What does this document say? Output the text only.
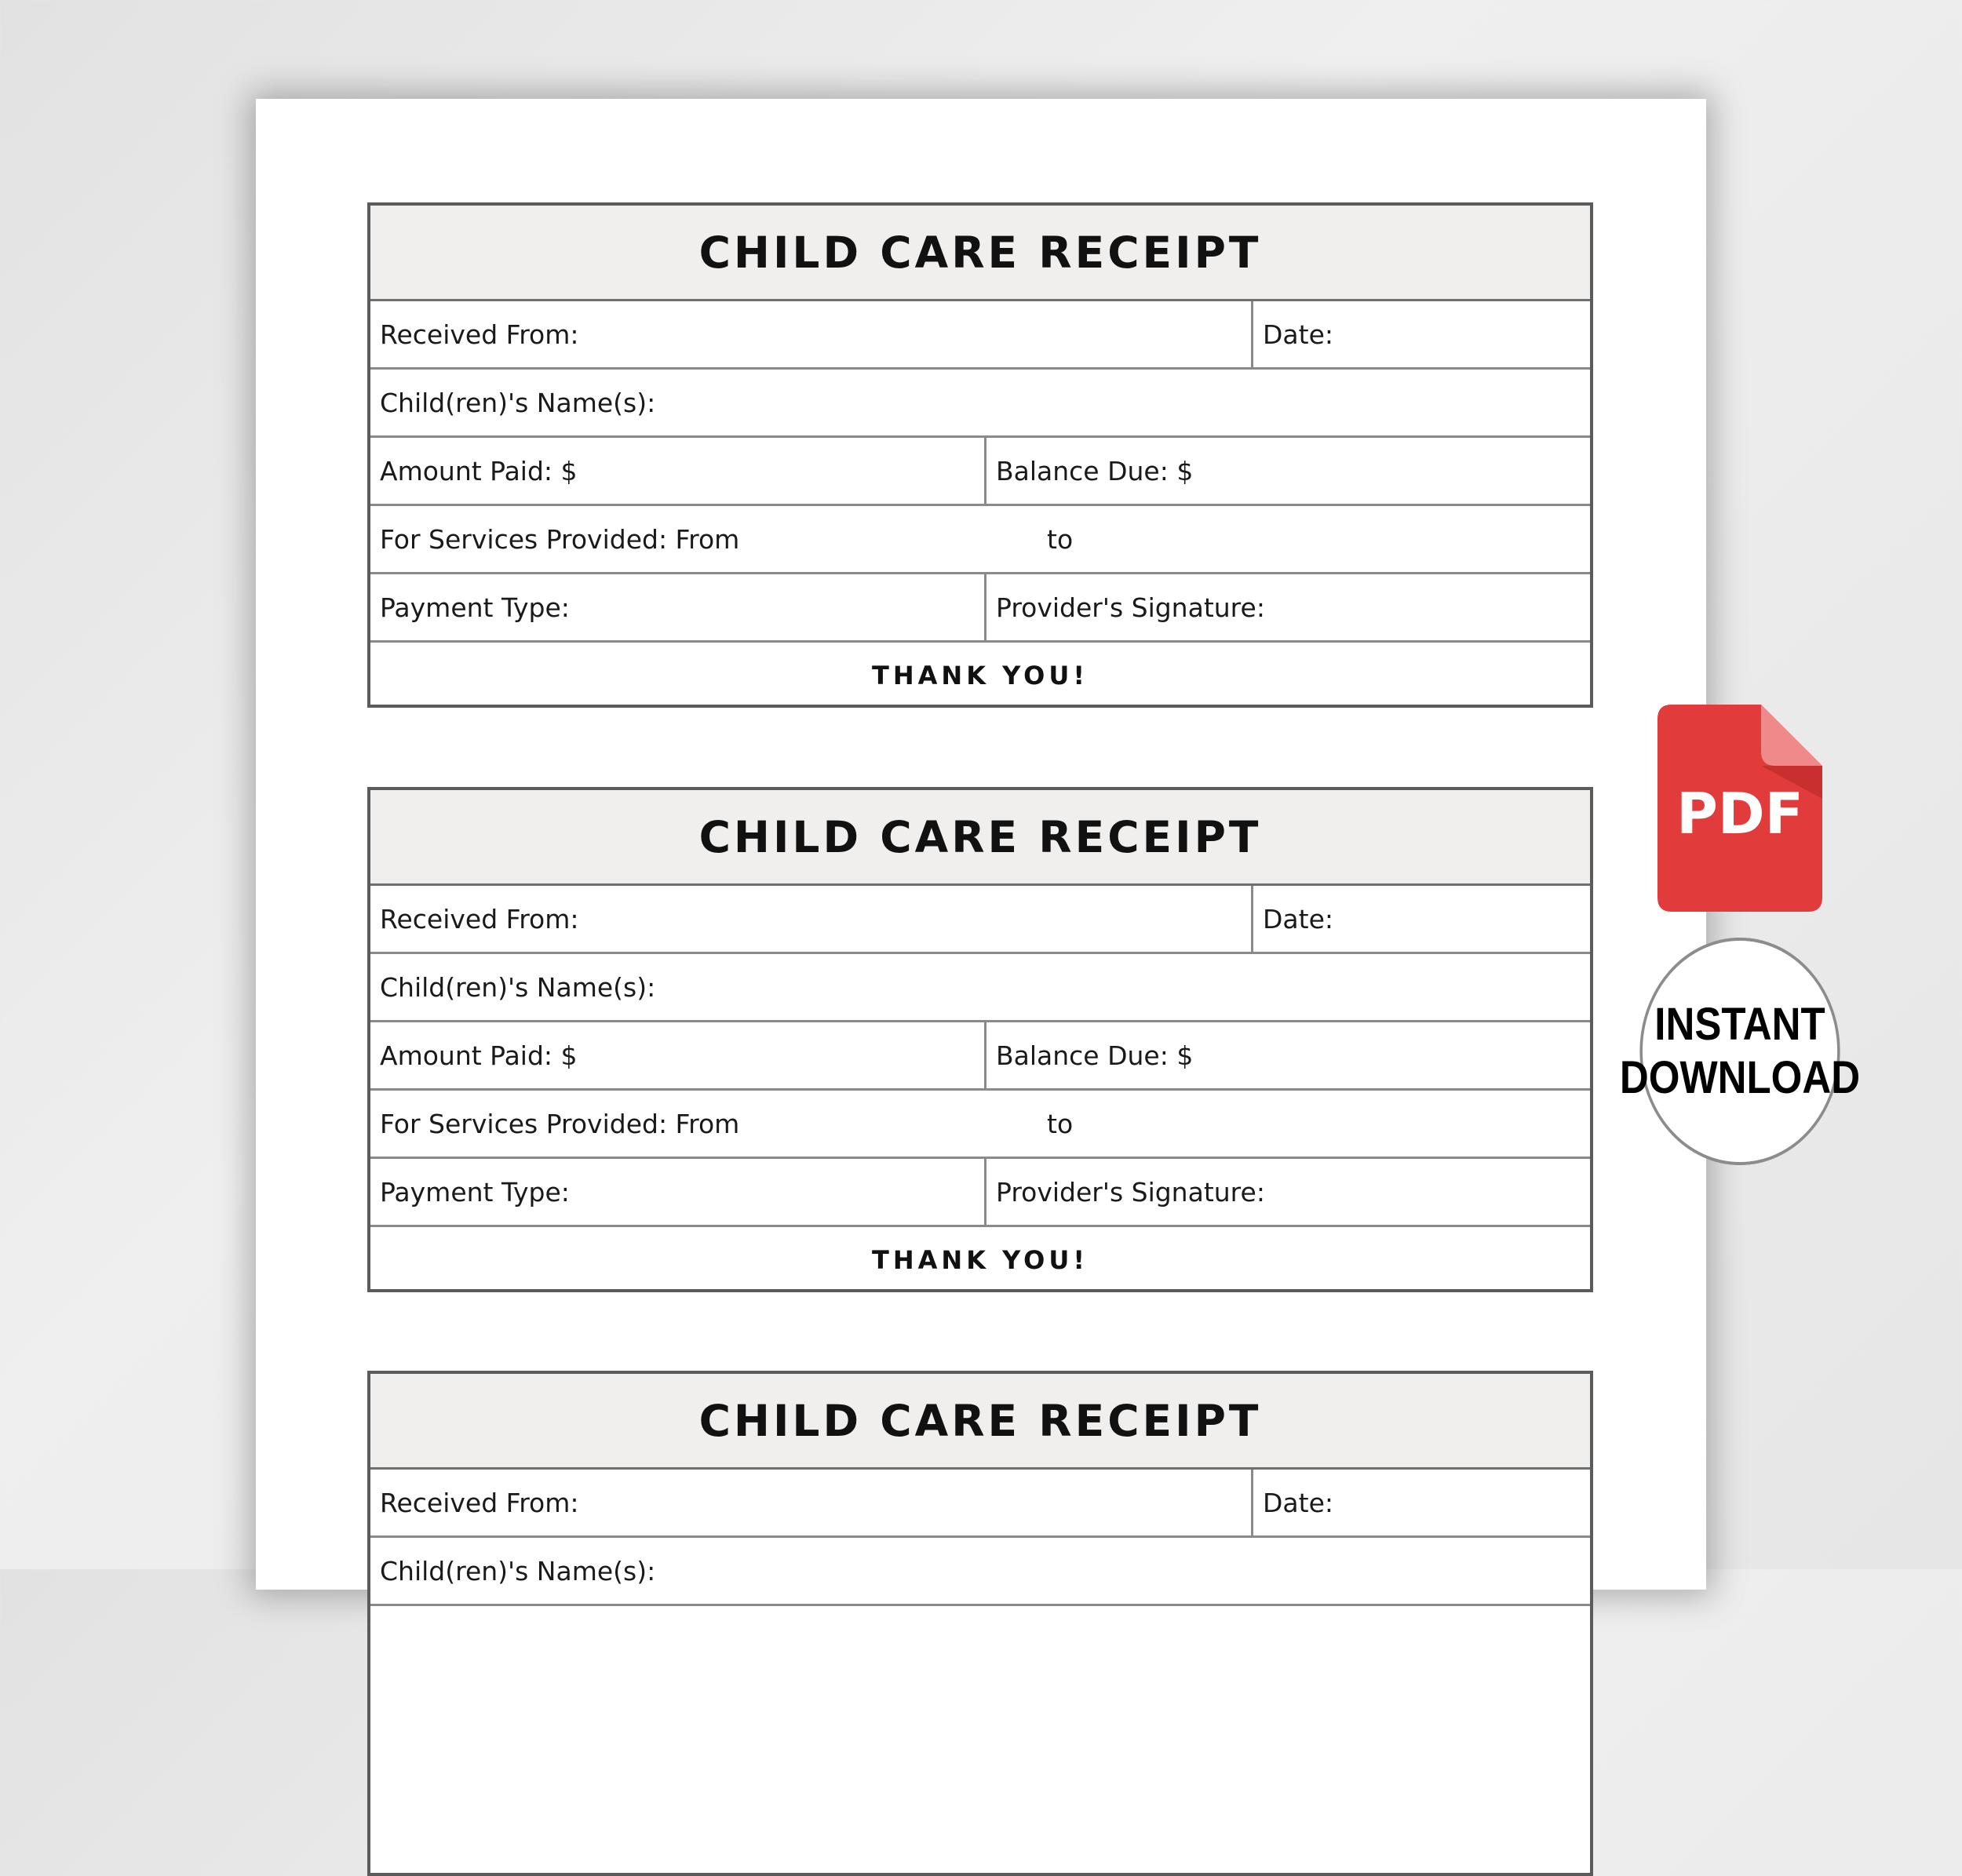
CHILD CARE RECEIPT
Received From:	Date:
Child(ren)'s Name(s):
Amount Paid: $	Balance Due: $
For Services Provided: From	to
Payment Type:	Provider's Signature:
THANK YOU!
CHILD CARE RECEIPT
Received From:	Date:
Child(ren)'s Name(s):
Amount Paid: $	Balance Due: $
For Services Provided: From	to
Payment Type:	Provider's Signature:
THANK YOU!
CHILD CARE RECEIPT
Received From:	Date:
Child(ren)'s Name(s):
PDF
INSTANT
DOWNLOAD
